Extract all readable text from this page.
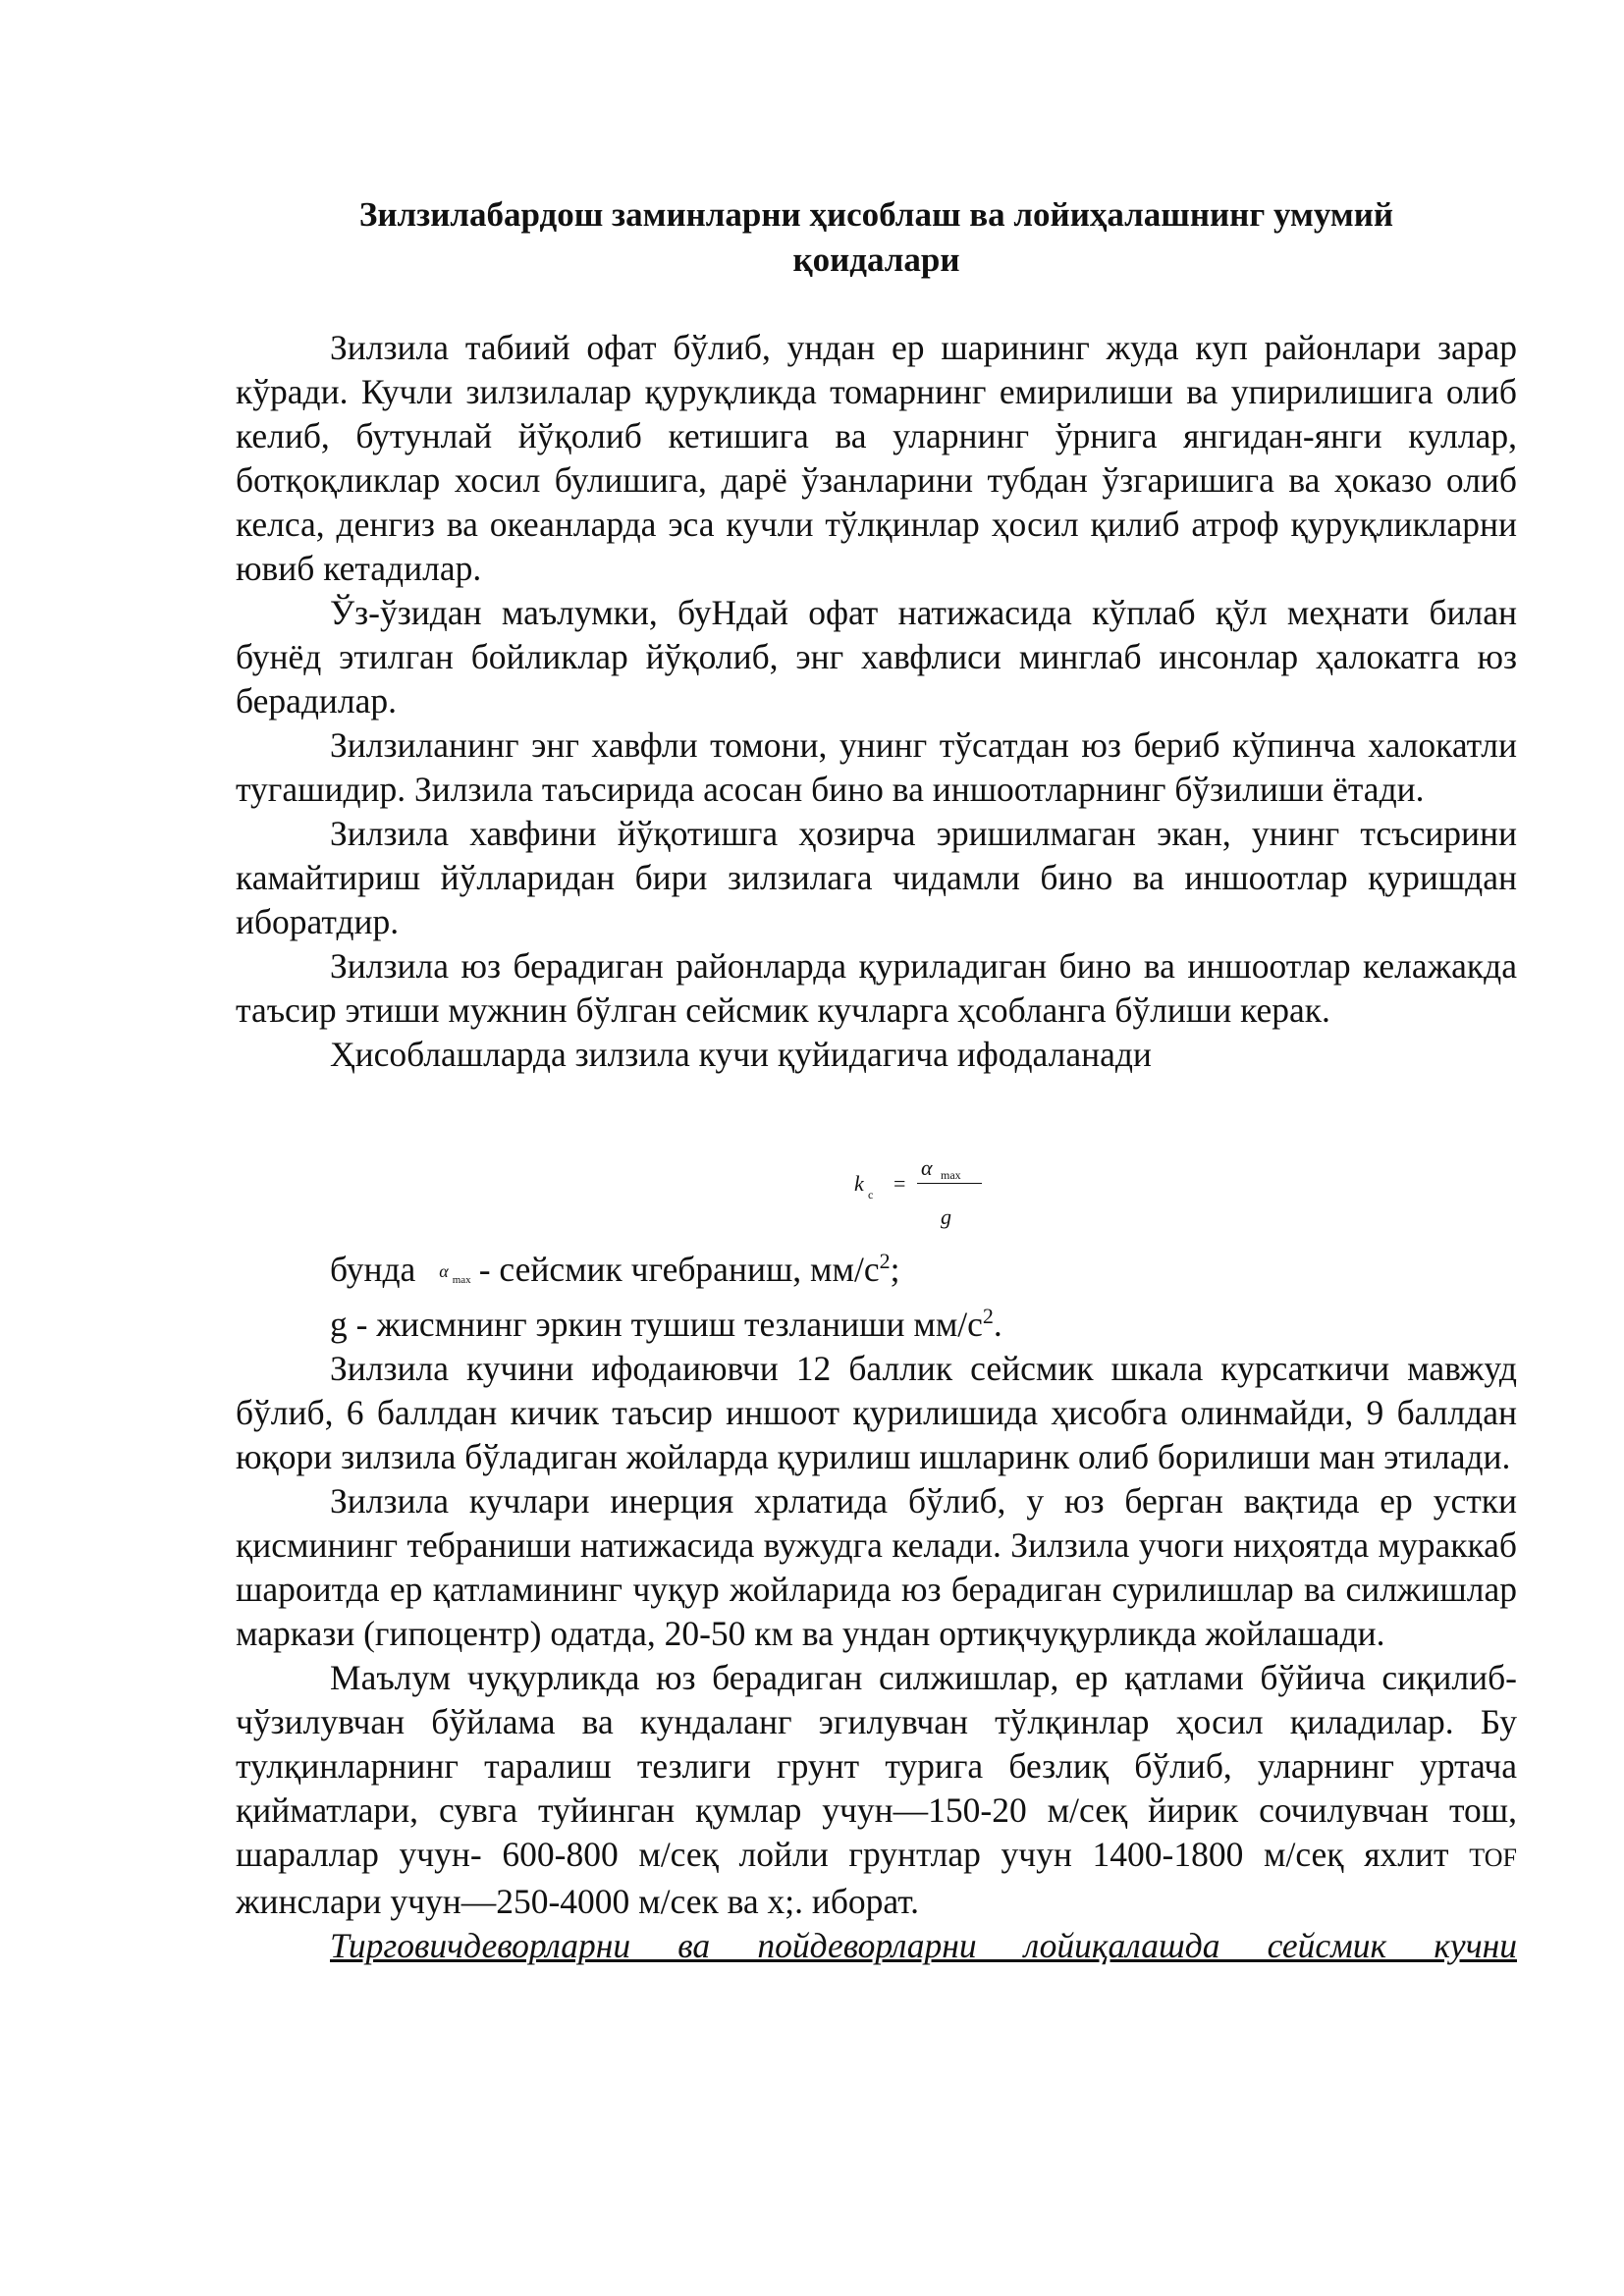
Зилзилабардош заминларни ҳисоблаш ва лойиҳалашнинг умумий қоидалари

Зилзила табиий офат бўлиб, ундан ер шарининг жуда куп районлари зарар кўради. Кучли зилзилалар қуруқликда томарнинг емирилиши ва упирилишига олиб келиб, бутунлай йўқолиб кетишига ва уларнинг ўрнига янгидан-янги куллар, ботқоқликлар хосил булишига, дарё ўзанларини тубдан ўзгаришига ва ҳоказо олиб келса, денгиз ва океанларда эса кучли тўлқинлар ҳосил қилиб атроф қуруқликларни ювиб кетадилар.

Ўз-ўзидан маълумки, буНдай офат натижасида кўплаб қўл меҳнати билан бунёд этилган бойликлар йўқолиб, энг хавфлиси минглаб инсонлар ҳалокатга юз берадилар.

Зилзиланинг энг хавфли томони, унинг тўсатдан юз бериб кўпинча халокатли тугашидир. Зилзила таъсирида асосан бино ва иншоотларнинг бўзилиши ётади.

Зилзила хавфини йўқотишга ҳозирча эришилмаган экан, унинг тсъсирини камайтириш йўлларидан бири зилзилага чидамли бино ва иншоотлар қуришдан иборатдир.

Зилзила юз берадиган районларда қуриладиган бино ва иншоотлар келажакда таъсир этиши мужнин бўлган сейсмик кучларга ҳсобланга бўлиши керак.

Ҳисоблашларда зилзила кучи қуйидагича ифодаланади

k c =
α max
g

бунда α max - сейсмик чгебраниш, $мм/с^2$;

g - жисмнинг эркин тушиш тезланиши $мм/с^2$.

Зилзила кучини ифодаиювчи 12 баллик сейсмик шкала курсаткичи мавжуд бўлиб, 6 баллдан кичик таъсир иншоот қурилишида ҳисобга олинмайди, 9 баллдан юқори зилзила бўладиган жойларда қурилиш ишларинк олиб борилиши ман этилади.

Зилзила кучлари инерция хрлатида бўлиб, у юз берган вақтида ер устки қисмининг тебраниши натижасида вужудга келади. Зилзила учоги ниҳоятда мураккаб шароитда ер қатламининг чуқур жойларида юз берадиган сурилишлар ва силжишлар маркази (гипоцентр) одатда, 20-50 км ва ундан ортиқчуқурликда жойлашади.

Маълум чуқурликда юз берадиган силжишлар, ер қатлами бўйича сиқилиб-чўзилувчан бўйлама ва кундаланг эгилувчан тўлқинлар ҳосил қиладилар. Бу тулқинларнинг таралиш тезлиги грунт турига безлиқ бўлиб, уларнинг уртача қийматлари, сувга туйинган қумлар учун—150-20 м/сеқ йирик сочилувчан тош, шараллар учун- 600-800 м/сеқ лойли грунтлар учун 1400-1800 м/сеқ яхлит ТОF жинслари учун—250-4000 м/сек ва х;. иборат.

Тирговичдеворларни ва пойдеворларни лойиқалашда сейсмик кучни
